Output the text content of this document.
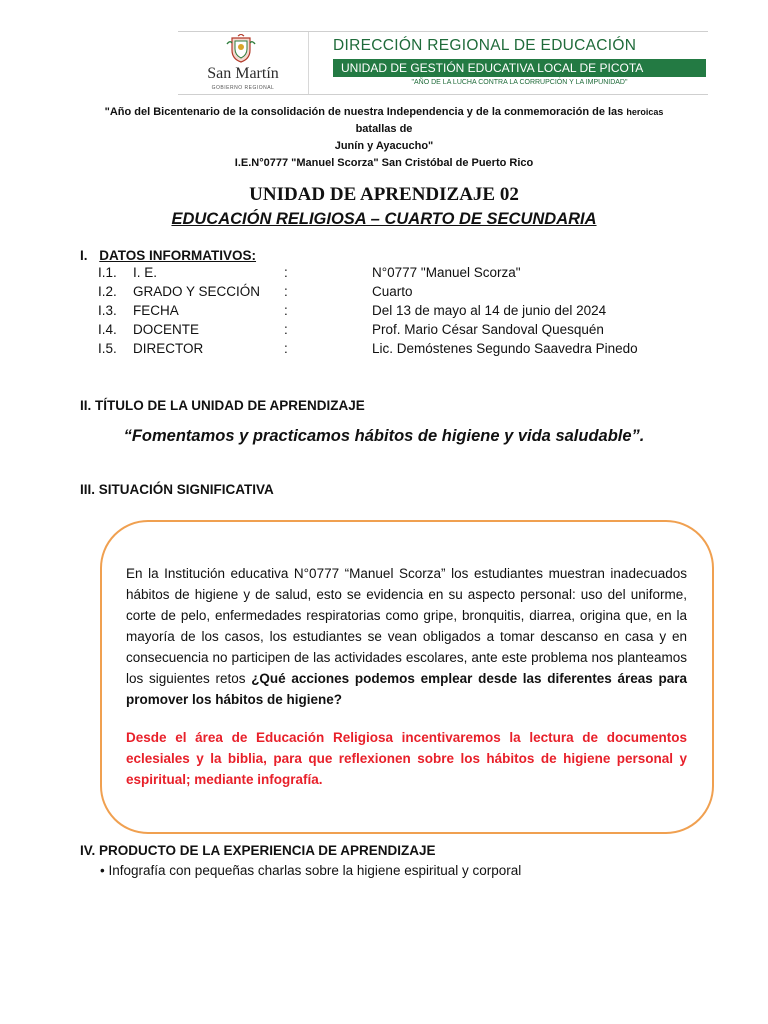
San Martín
GOBIERNO REGIONAL
DIRECCIÓN REGIONAL DE EDUCACIÓN
UNIDAD DE GESTIÓN EDUCATIVA LOCAL DE PICOTA
"AÑO DE LA LUCHA CONTRA LA CORRUPCIÓN Y LA IMPUNIDAD"
"Año del Bicentenario de la consolidación de nuestra Independencia y de la conmemoración de las heroicas batallas de
Junín y Ayacucho"
I.E.N°0777 "Manuel Scorza" San Cristóbal de Puerto Rico
UNIDAD DE APRENDIZAJE 02
EDUCACIÓN RELIGIOSA – CUARTO DE SECUNDARIA
I. DATOS INFORMATIVOS:
I.1. I. E.	:	N°0777 "Manuel Scorza"
I.2. GRADO Y SECCIÓN :	Cuarto
I.3. FECHA	:	Del 13 de mayo al 14 de junio del 2024
I.4. DOCENTE	:	Prof. Mario César Sandoval Quesquén
I.5. DIRECTOR	:	Lic. Demóstenes Segundo Saavedra Pinedo
II. TÍTULO DE LA UNIDAD DE APRENDIZAJE
“Fomentamos y practicamos hábitos de higiene y vida saludable”.
III. SITUACIÓN SIGNIFICATIVA
En la Institución educativa N°0777 “Manuel Scorza” los estudiantes muestran inadecuados hábitos de higiene y de salud, esto se evidencia en su aspecto personal: uso del uniforme, corte de pelo, enfermedades respiratorias como gripe, bronquitis, diarrea, origina que, en la mayoría de los casos, los estudiantes se vean obligados a tomar descanso en casa y en consecuencia no participen de las actividades escolares, ante este problema nos planteamos los siguientes retos ¿Qué acciones podemos emplear desde las diferentes áreas para promover los hábitos de higiene?
Desde el área de Educación Religiosa incentivaremos la lectura de documentos eclesiales y la biblia, para que reflexionen sobre los hábitos de higiene personal y espiritual; mediante infografía.
IV. PRODUCTO DE LA EXPERIENCIA DE APRENDIZAJE
• Infografía con pequeñas charlas sobre la higiene espiritual y corporal
